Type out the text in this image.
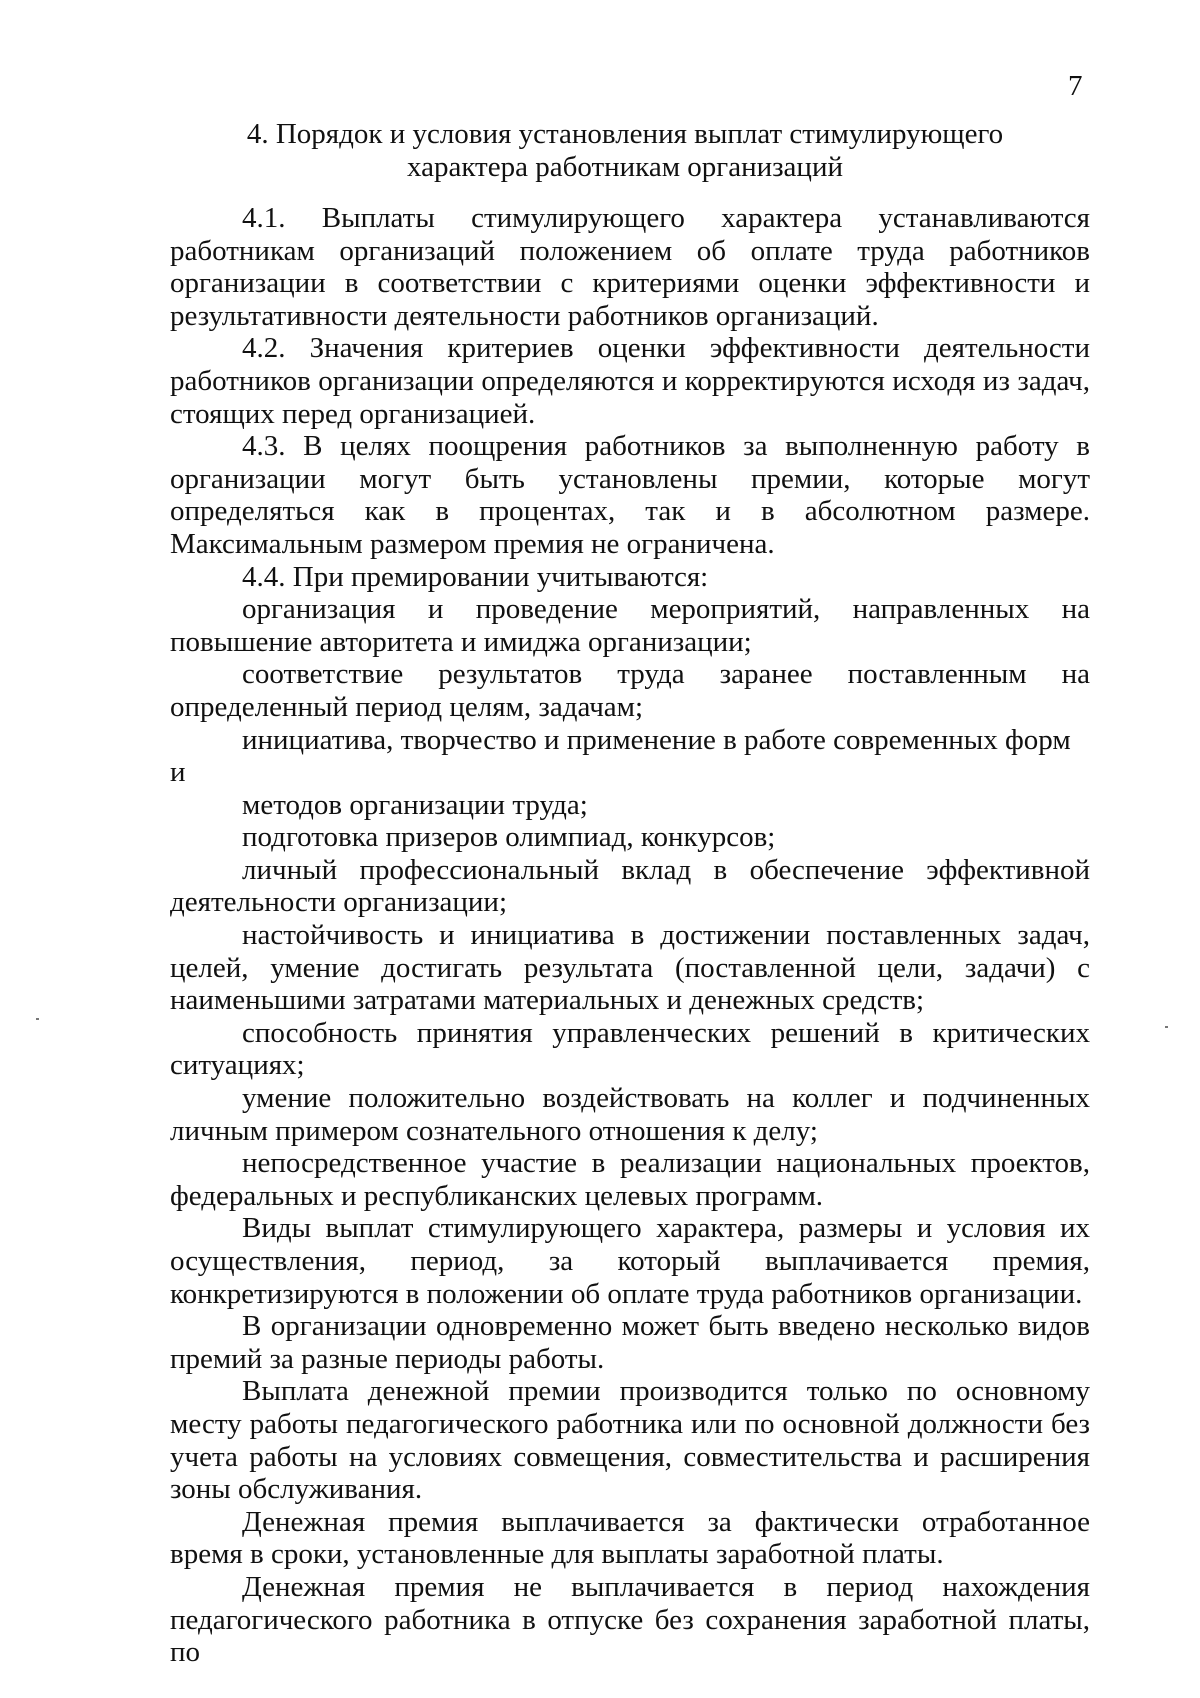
7
4. Порядок и условия установления выплат стимулирующего
характера работникам организаций

4.1. Выплаты стимулирующего характера устанавливаются работникам организаций положением об оплате труда работников организации в соответствии с критериями оценки эффективности и результативности деятельности работников организаций.

4.2. Значения критериев оценки эффективности деятельности работников организации определяются и корректируются исходя из задач, стоящих перед организацией.

4.3. В целях поощрения работников за выполненную работу в организации могут быть установлены премии, которые могут определяться как в процентах, так и в абсолютном размере. Максимальным размером премия не ограничена.

4.4. При премировании учитываются:

организация и проведение мероприятий, направленных на повышение авторитета и имиджа организации;

соответствие результатов труда заранее поставленным на определенный период целям, задачам;

инициатива, творчество и применение в работе современных форм и

методов организации труда;

подготовка призеров олимпиад, конкурсов;

личный профессиональный вклад в обеспечение эффективной деятельности организации;

настойчивость и инициатива в достижении поставленных задач, целей, умение достигать результата (поставленной цели, задачи) с наименьшими затратами материальных и денежных средств;

способность принятия управленческих решений в критических ситуациях;

умение положительно воздействовать на коллег и подчиненных личным примером сознательного отношения к делу;

непосредственное участие в реализации национальных проектов, федеральных и республиканских целевых программ.

Виды выплат стимулирующего характера, размеры и условия их осуществления, период, за который выплачивается премия, конкретизируются в положении об оплате труда работников организации.

В организации одновременно может быть введено несколько видов премий за разные периоды работы.

Выплата денежной премии производится только по основному месту работы педагогического работника или по основной должности без учета работы на условиях совмещения, совместительства и расширения зоны обслуживания.

Денежная премия выплачивается за фактически отработанное время в сроки, установленные для выплаты заработной платы.

Денежная премия не выплачивается в период нахождения педагогического работника в отпуске без сохранения заработной платы, по
